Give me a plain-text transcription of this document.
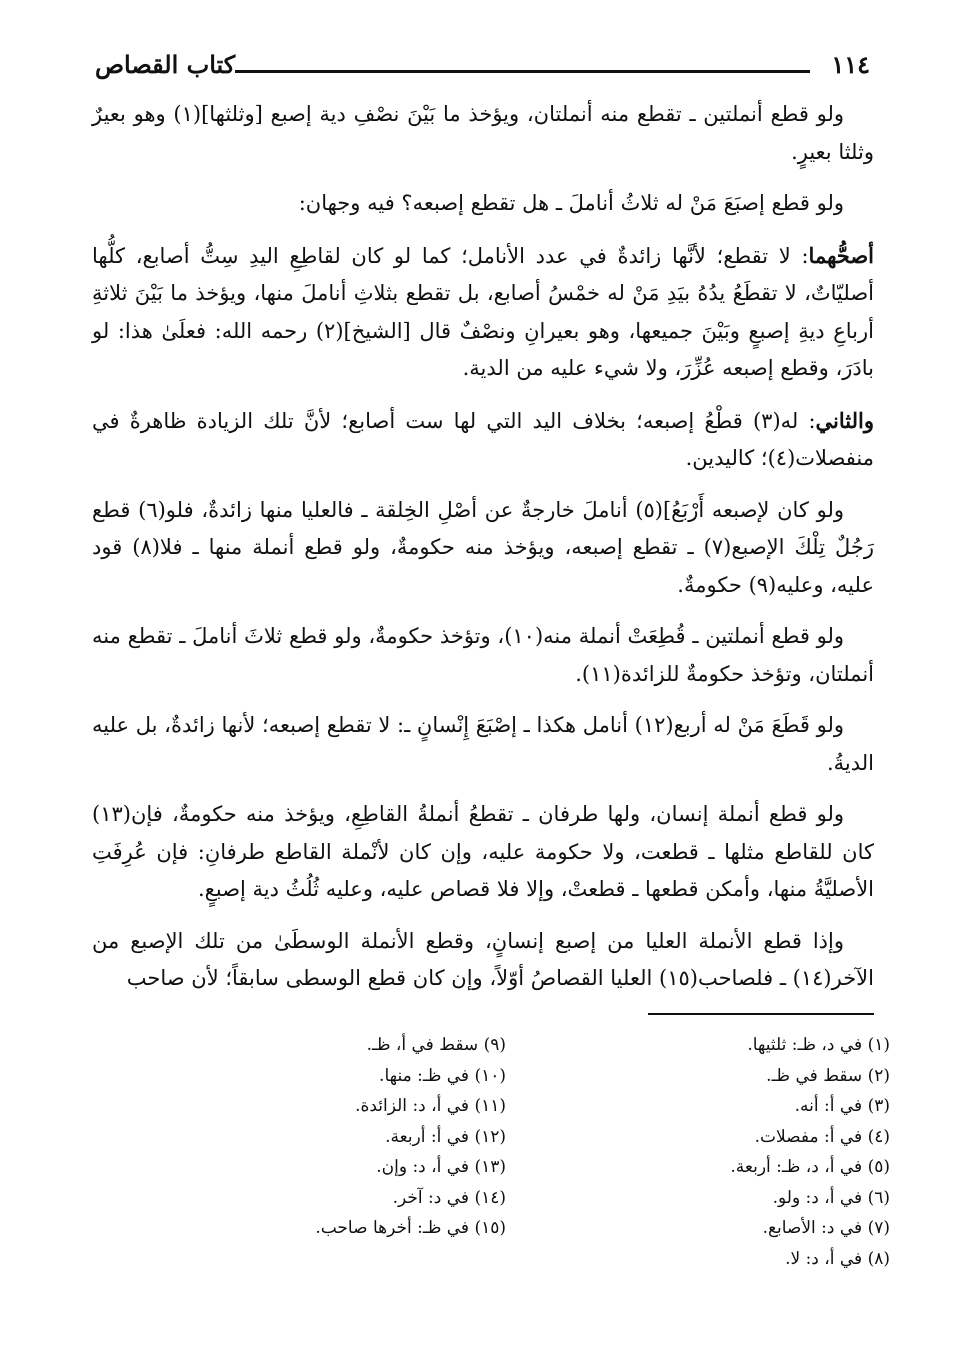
١١٤
كتاب القصاص

ولو قطع أنملتين ـ تقطع منه أنملتان، ويؤخذ ما بَيْنَ نصْفِ دية إصبع [وثلثها](١) وهو بعيرٌ وثلثا بعيرٍ.

ولو قطع إصبَعَ مَنْ له ثلاثُ أناملَ ـ هل تقطع إصبعه؟ فيه وجهان:

أصحُّهما: لا تقطع؛ لأنَّها زائدةٌ في عدد الأنامل؛ كما لو كان لقاطِعِ اليدِ سِتُّ أصابع، كلُّها أصليّاتٌ، لا تقطَعُ يدُهُ بيَدِ مَنْ له خمْسُ أصابع، بل تقطع بثلاثِ أناملَ منها، ويؤخذ ما بَيْنَ ثلاثةِ أرباعِ ديةِ إصبعٍ وبَيْنَ جميعها، وهو بعيرانِ ونصْفٌ قال [الشيخ](٢) رحمه الله: فعلَىٰ هذا: لو بادَرَ، وقطع إصبعه عُزِّرَ، ولا شيء عليه من الدية.

والثاني: له(٣) قطْعُ إصبعه؛ بخلاف اليد التي لها ست أصابع؛ لأنَّ تلك الزيادة ظاهرةٌ في منفصلات(٤)؛ كاليدين.

ولو كان لإصبعه أَرْبَعُ](٥) أناملَ خارجةٌ عن أصْلِ الخِلقة ـ فالعليا منها زائدةٌ، فلو(٦) قطع رَجُلٌ تِلْكَ الإصبع(٧) ـ تقطع إصبعه، ويؤخذ منه حكومةٌ، ولو قطع أنملة منها ـ فلا(٨) قود عليه، وعليه(٩) حكومةٌ.

ولو قطع أنملتين ـ قُطِعَتْ أنملة منه(١٠)، وتؤخذ حكومةٌ، ولو قطع ثلاثَ أناملَ ـ تقطع منه أنملتان، وتؤخذ حكومةٌ للزائدة(١١).

ولو قَطَعَ مَنْ له أربع(١٢) أنامل هكذا ـ إصْبَعَ إِنْسانٍ ـ: لا تقطع إصبعه؛ لأنها زائدةٌ، بل عليه الديةُ.

ولو قطع أنملة إنسان، ولها طرفان ـ تقطعُ أنملةُ القاطِعِ، ويؤخذ منه حكومةٌ، فإن(١٣) كان للقاطع مثلها ـ قطعت، ولا حكومة عليه، وإن كان لأنْملة القاطع طرفانِ: فإن عُرِفَتِ الأصليَّةُ منها، وأمكن قطعها ـ قطعتْ، وإلا فلا قصاص عليه، وعليه ثُلُثُ دية إصبعٍ.

وإذا قطع الأنملة العليا من إصبع إنسانٍ، وقطع الأنملة الوسطَىٰ من تلك الإصبع من الآخر(١٤) ـ فلصاحب(١٥) العليا القصاصُ أوّلاً، وإن كان قطع الوسطى سابقاً؛ لأن صاحب

(١) في د، ظـ: ثلثيها.
(٢) سقط في ظـ.
(٣) في أ: أنه.
(٤) في أ: مفصلات.
(٥) في أ، د، ظـ: أربعة.
(٦) في أ، د: ولو.
(٧) في د: الأصابع.
(٨) في أ، د: لا.
(٩) سقط في أ، ظـ.
(١٠) في ظـ: منها.
(١١) في أ، د: الزائدة.
(١٢) في أ: أربعة.
(١٣) في أ، د: وإن.
(١٤) في د: آخر.
(١٥) في ظـ: أخرها صاحب.
